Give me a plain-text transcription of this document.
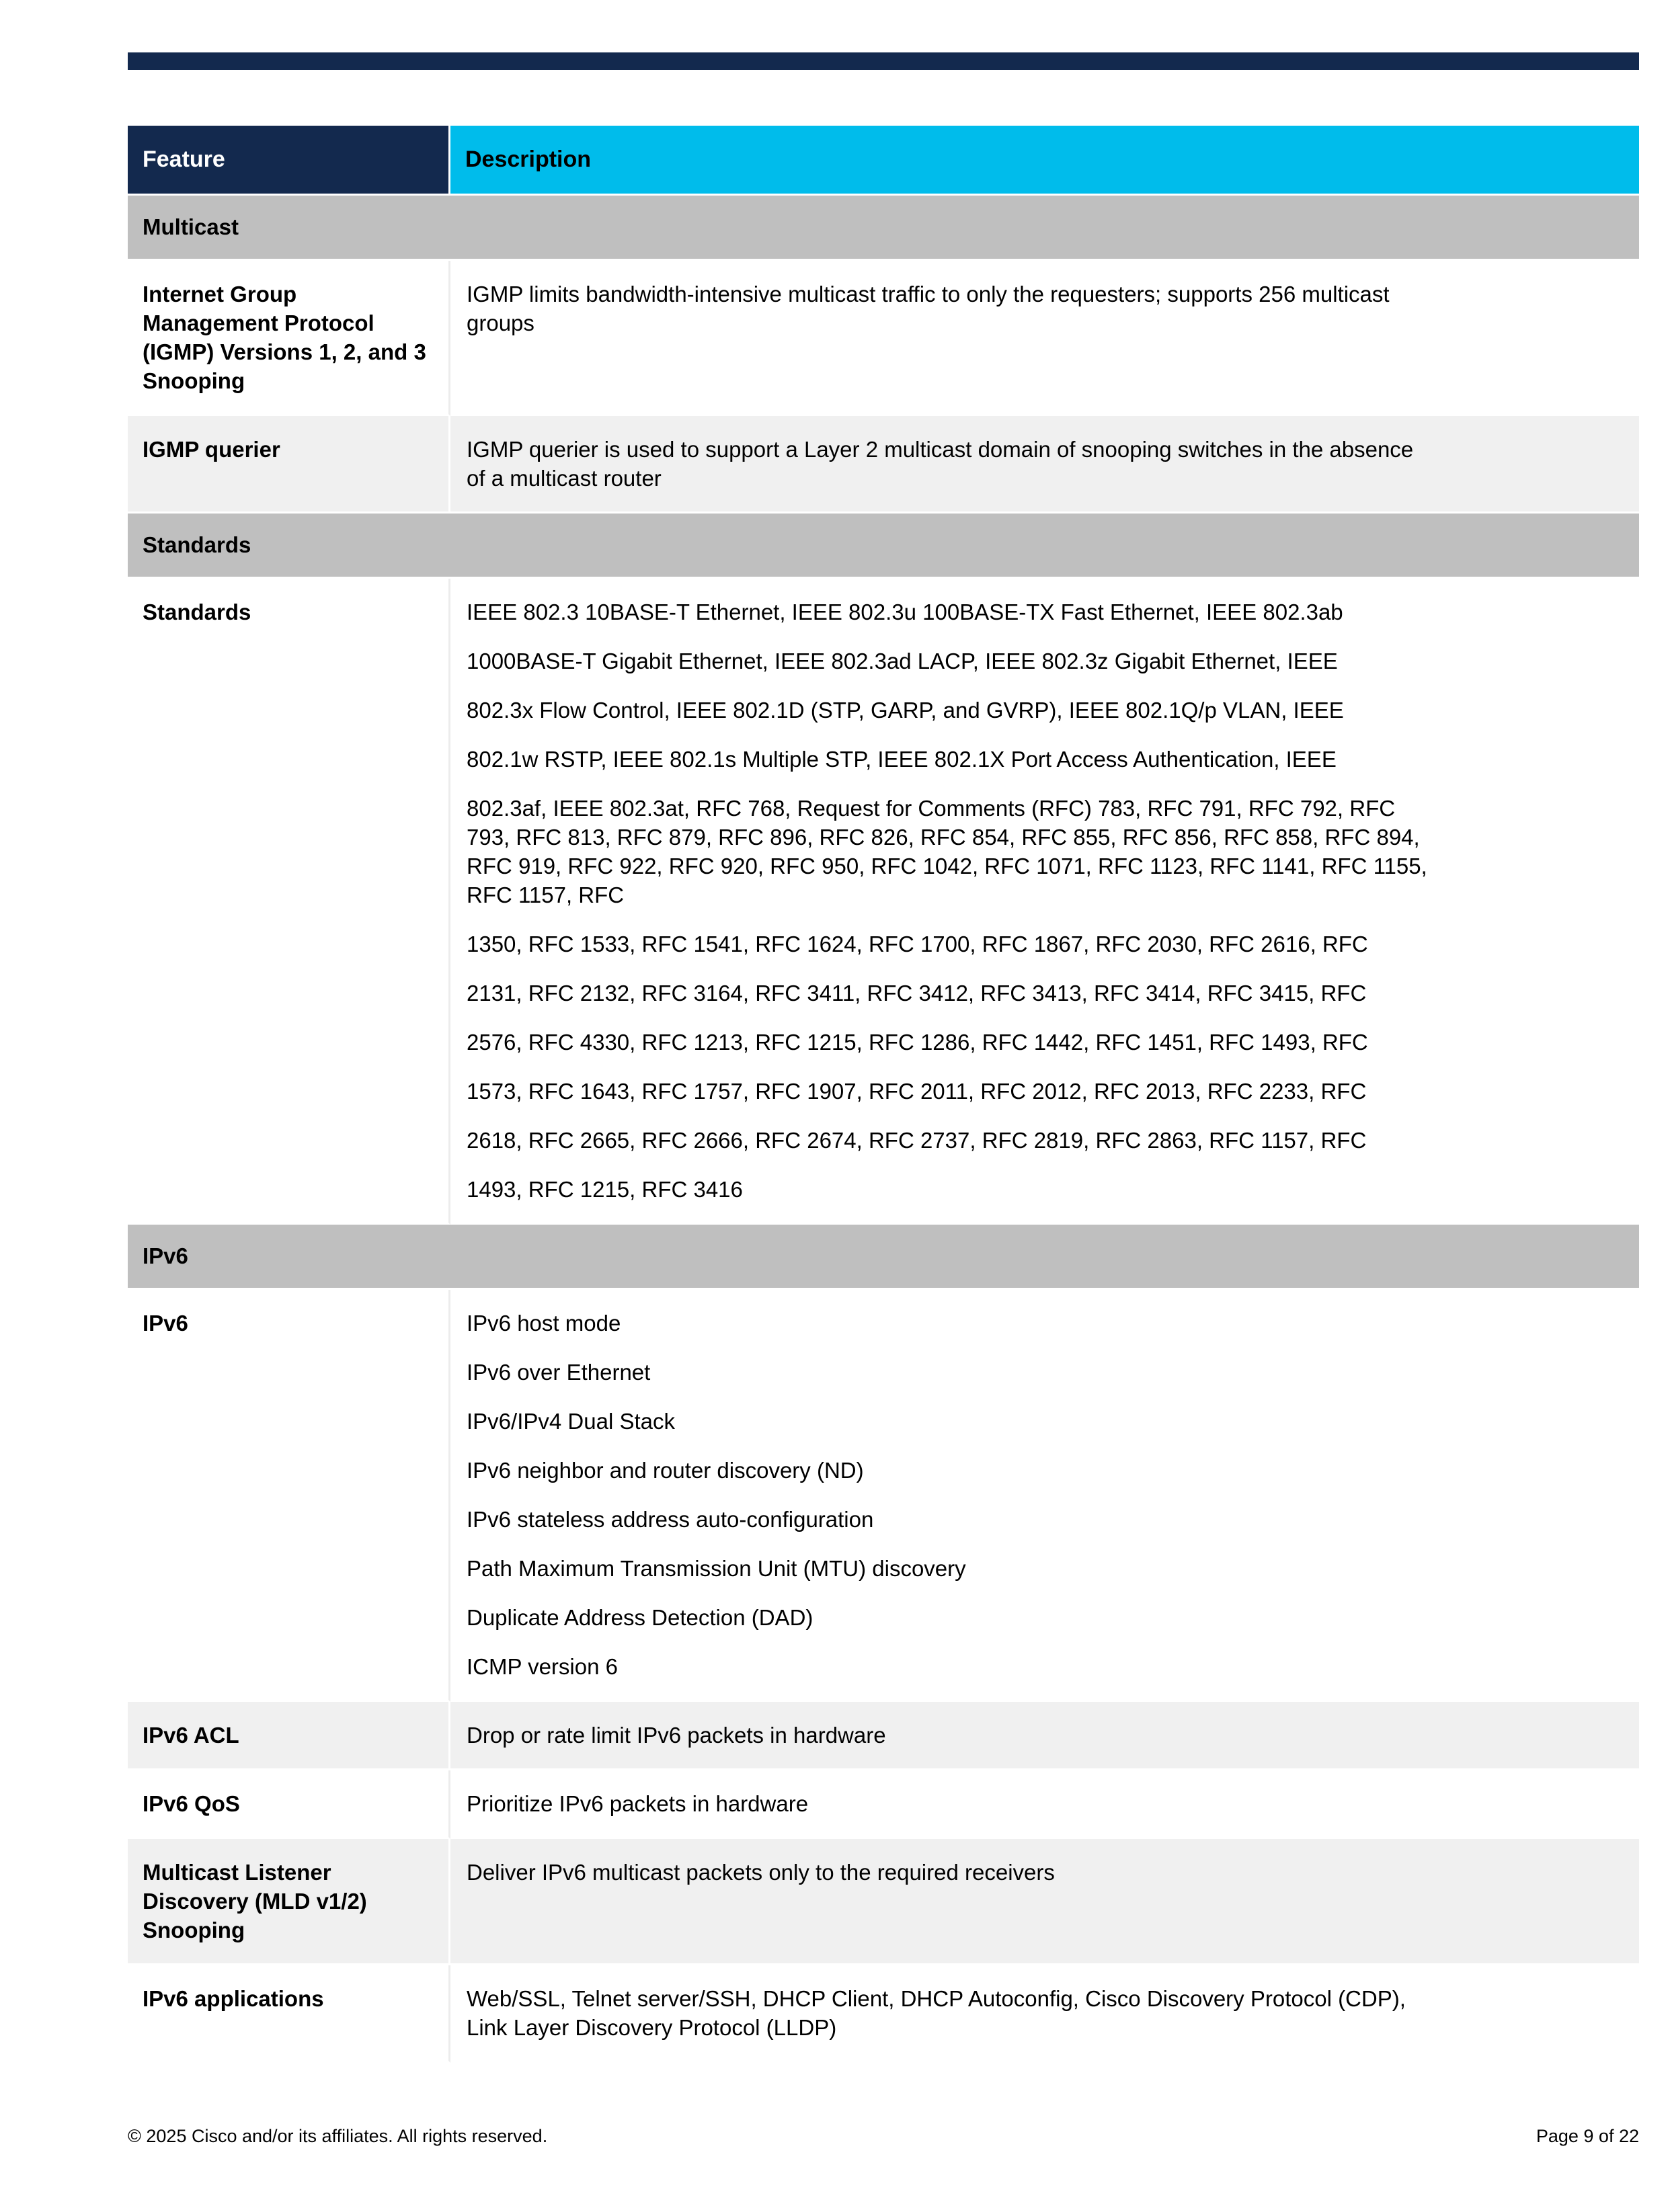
Feature	Description
Multicast	
Internet Group Management Protocol (IGMP) Versions 1, 2, and 3 Snooping	IGMP limits bandwidth-intensive multicast traffic to only the requesters; supports 256 multicast

groups

IGMP querier	IGMP querier is used to support a Layer 2 multicast domain of snooping switches in the absence

of a multicast router

Standards	
Standards	IEEE 802.3 10BASE-T Ethernet, IEEE 802.3u 100BASE-TX Fast Ethernet, IEEE 802.3ab

1000BASE-T Gigabit Ethernet, IEEE 802.3ad LACP, IEEE 802.3z Gigabit Ethernet, IEEE

802.3x Flow Control, IEEE 802.1D (STP, GARP, and GVRP), IEEE 802.1Q/p VLAN, IEEE

802.1w RSTP, IEEE 802.1s Multiple STP, IEEE 802.1X Port Access Authentication, IEEE

802.3af, IEEE 802.3at, RFC 768, Request for Comments (RFC) 783, RFC 791, RFC 792, RFC

793, RFC 813, RFC 879, RFC 896, RFC 826, RFC 854, RFC 855, RFC 856, RFC 858, RFC 894,

RFC 919, RFC 922, RFC 920, RFC 950, RFC 1042, RFC 1071, RFC 1123, RFC 1141, RFC 1155,

RFC 1157, RFC

1350, RFC 1533, RFC 1541, RFC 1624, RFC 1700, RFC 1867, RFC 2030, RFC 2616, RFC

2131, RFC 2132, RFC 3164, RFC 3411, RFC 3412, RFC 3413, RFC 3414, RFC 3415, RFC

2576, RFC 4330, RFC 1213, RFC 1215, RFC 1286, RFC 1442, RFC 1451, RFC 1493, RFC

1573, RFC 1643, RFC 1757, RFC 1907, RFC 2011, RFC 2012, RFC 2013, RFC 2233, RFC

2618, RFC 2665, RFC 2666, RFC 2674, RFC 2737, RFC 2819, RFC 2863, RFC 1157, RFC

1493, RFC 1215, RFC 3416

IPv6	
IPv6	IPv6 host mode

IPv6 over Ethernet

IPv6/IPv4 Dual Stack

IPv6 neighbor and router discovery (ND)

IPv6 stateless address auto-configuration

Path Maximum Transmission Unit (MTU) discovery

Duplicate Address Detection (DAD)

ICMP version 6

IPv6 ACL	Drop or rate limit IPv6 packets in hardware

IPv6 QoS	Prioritize IPv6 packets in hardware

Multicast Listener Discovery (MLD v1/2) Snooping	Deliver IPv6 multicast packets only to the required receivers

IPv6 applications	Web/SSL, Telnet server/SSH, DHCP Client, DHCP Autoconfig, Cisco Discovery Protocol (CDP),

Link Layer Discovery Protocol (LLDP)

© 2025 Cisco and/or its affiliates. All rights reserved.	Page 9 of 22
